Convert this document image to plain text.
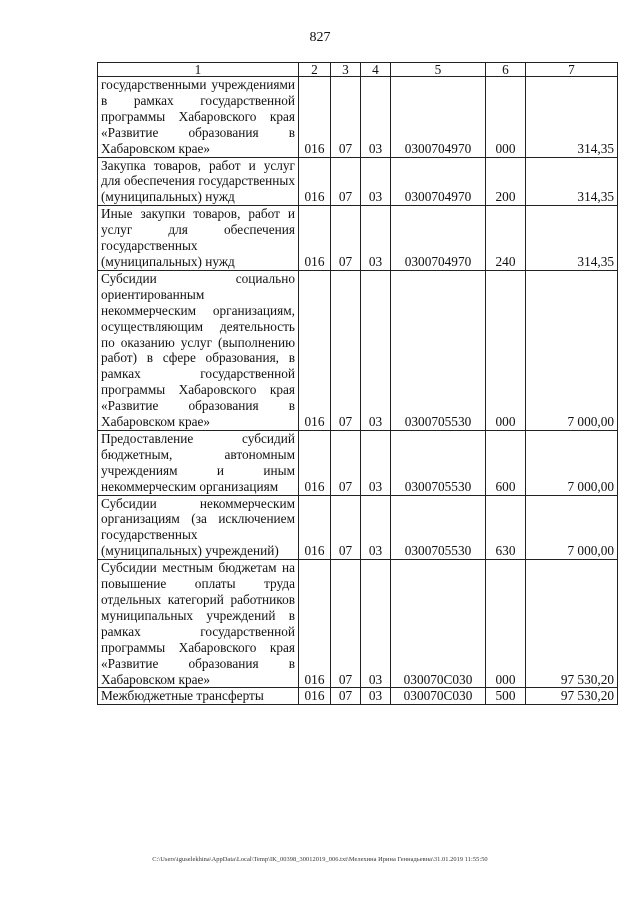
827
1	2	3	4	5	6	7
государственными учреждениями в рамках государственной программы Хабаровского края «Развитие образования в Хабаровском крае»	016	07	03	0300704970	000	314,35
Закупка товаров, работ и услуг для обеспечения государственных (муниципальных) нужд	016	07	03	0300704970	200	314,35
Иные закупки товаров, работ и услуг для обеспечения государственных (муниципальных) нужд	016	07	03	0300704970	240	314,35
Субсидии социально ориентированным некоммерческим организациям, осуществляющим деятельность по оказанию услуг (выполнению работ) в сфере образования, в рамках государственной программы Хабаровского края «Развитие образования в Хабаровском крае»	016	07	03	0300705530	000	7 000,00
Предоставление субсидий бюджетным, автономным учреждениям и иным некоммерческим организациям	016	07	03	0300705530	600	7 000,00
Субсидии некоммерческим организациям (за исключением государственных (муниципальных) учреждений)	016	07	03	0300705530	630	7 000,00
Субсидии местным бюджетам на повышение оплаты труда отдельных категорий работников муниципальных учреждений в рамках государственной программы Хабаровского края «Развитие образования в Хабаровском крае»	016	07	03	030070С030	000	97 530,20
Межбюджетные трансферты	016	07	03	030070С030	500	97 530,20
C:\Users\iguselekhina\AppData\Local\Temp\IK_00398_30012019_006.txt\Мелехина Ирина Геннадьевна\31.01.2019 11:55:50
